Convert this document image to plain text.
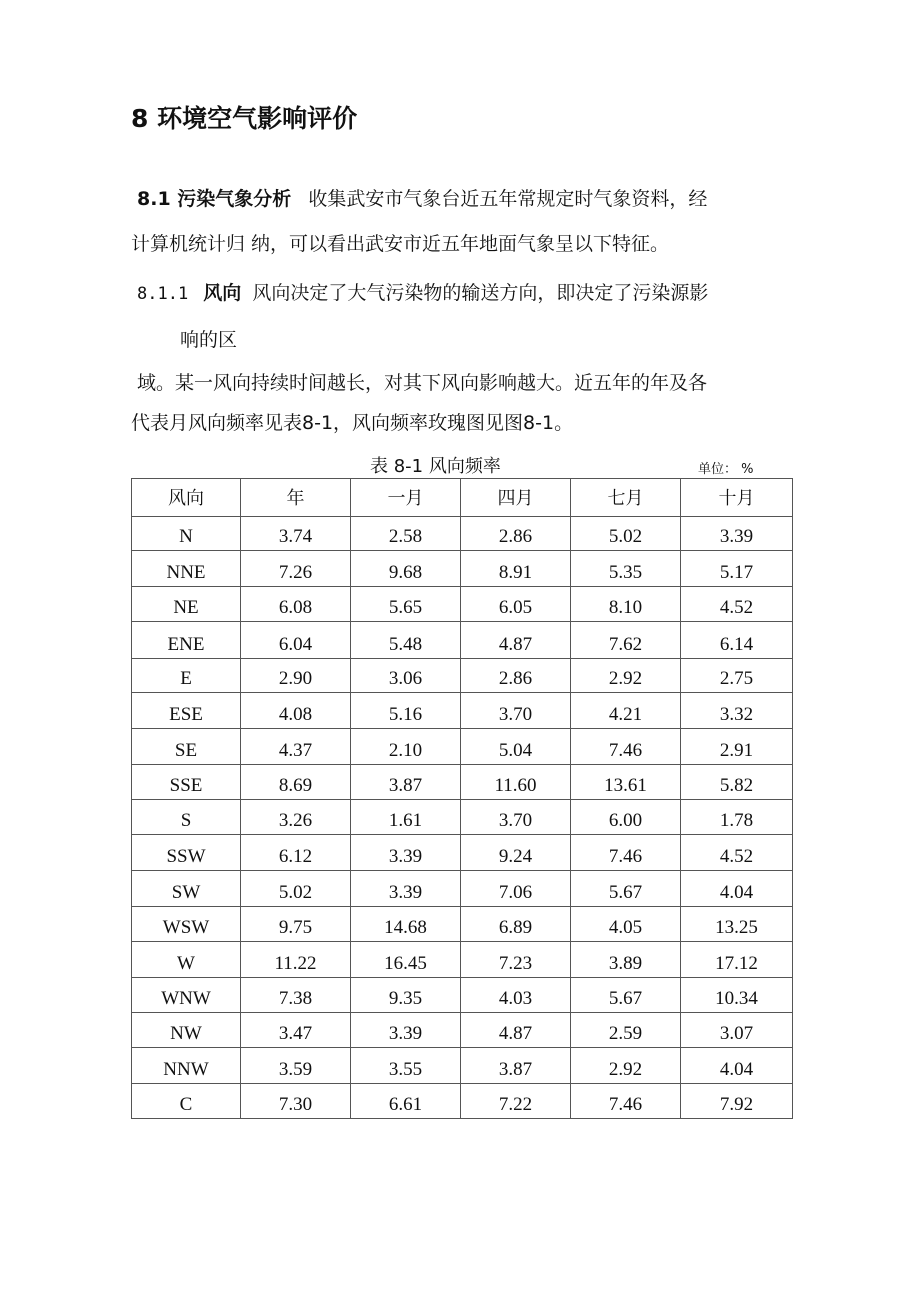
8 环境空气影响评价
8.1 污染气象分析 收集武安市气象台近五年常规定时气象资料，经
计算机统计归 纳，可以看出武安市近五年地面气象呈以下特征。
8.1.1 风向 风向决定了大气污染物的输送方向，即决定了污染源影
响的区
域。某一风向持续时间越长，对其下风向影响越大。近五年的年及各
代表月风向频率见表8-1，风向频率玫瑰图见图8-1。
表 8-1 风向频率	单位： %
风向	年	一月	四月	七月	十月
N	3.74	2.58	2.86	5.02	3.39
NNE	7.26	9.68	8.91	5.35	5.17
NE	6.08	5.65	6.05	8.10	4.52
ENE	6.04	5.48	4.87	7.62	6.14
E	2.90	3.06	2.86	2.92	2.75
ESE	4.08	5.16	3.70	4.21	3.32
SE	4.37	2.10	5.04	7.46	2.91
SSE	8.69	3.87	11.60	13.61	5.82
S	3.26	1.61	3.70	6.00	1.78
SSW	6.12	3.39	9.24	7.46	4.52
SW	5.02	3.39	7.06	5.67	4.04
WSW	9.75	14.68	6.89	4.05	13.25
W	11.22	16.45	7.23	3.89	17.12
WNW	7.38	9.35	4.03	5.67	10.34
NW	3.47	3.39	4.87	2.59	3.07
NNW	3.59	3.55	3.87	2.92	4.04
C	7.30	6.61	7.22	7.46	7.92
